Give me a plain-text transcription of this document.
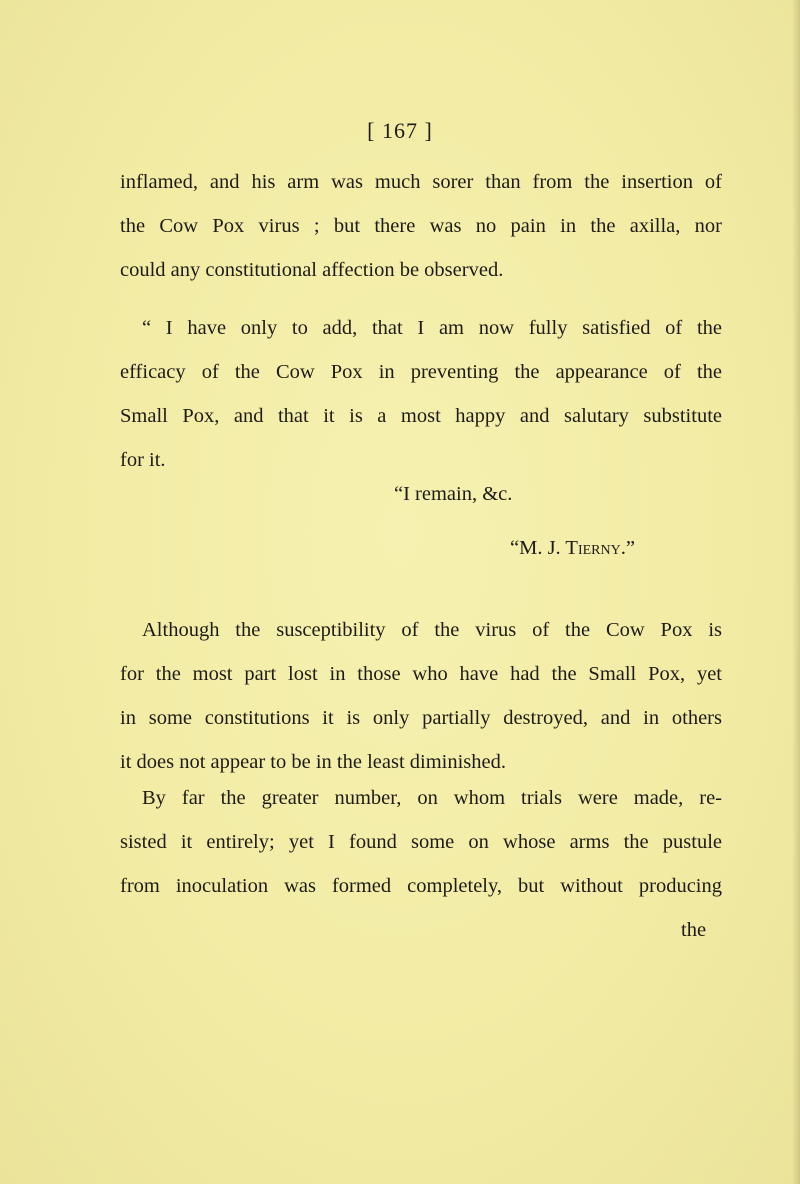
[ 167 ]
inflamed, and his arm was much sorer than from the insertion of
the Cow Pox virus ; but there was no pain in the axilla, nor
could any constitutional affection be observed.
“ I have only to add, that I am now fully satisfied of the
efficacy of the Cow Pox in preventing the appearance of the
Small Pox, and that it is a most happy and salutary substitute
for it.
“I remain, &c.
“M. J. Tierny.”
Although the susceptibility of the virus of the Cow Pox is
for the most part lost in those who have had the Small Pox, yet
in some constitutions it is only partially destroyed, and in others
it does not appear to be in the least diminished.
By far the greater number, on whom trials were made, re-
sisted it entirely; yet I found some on whose arms the pustule
from inoculation was formed completely, but without producing
the
